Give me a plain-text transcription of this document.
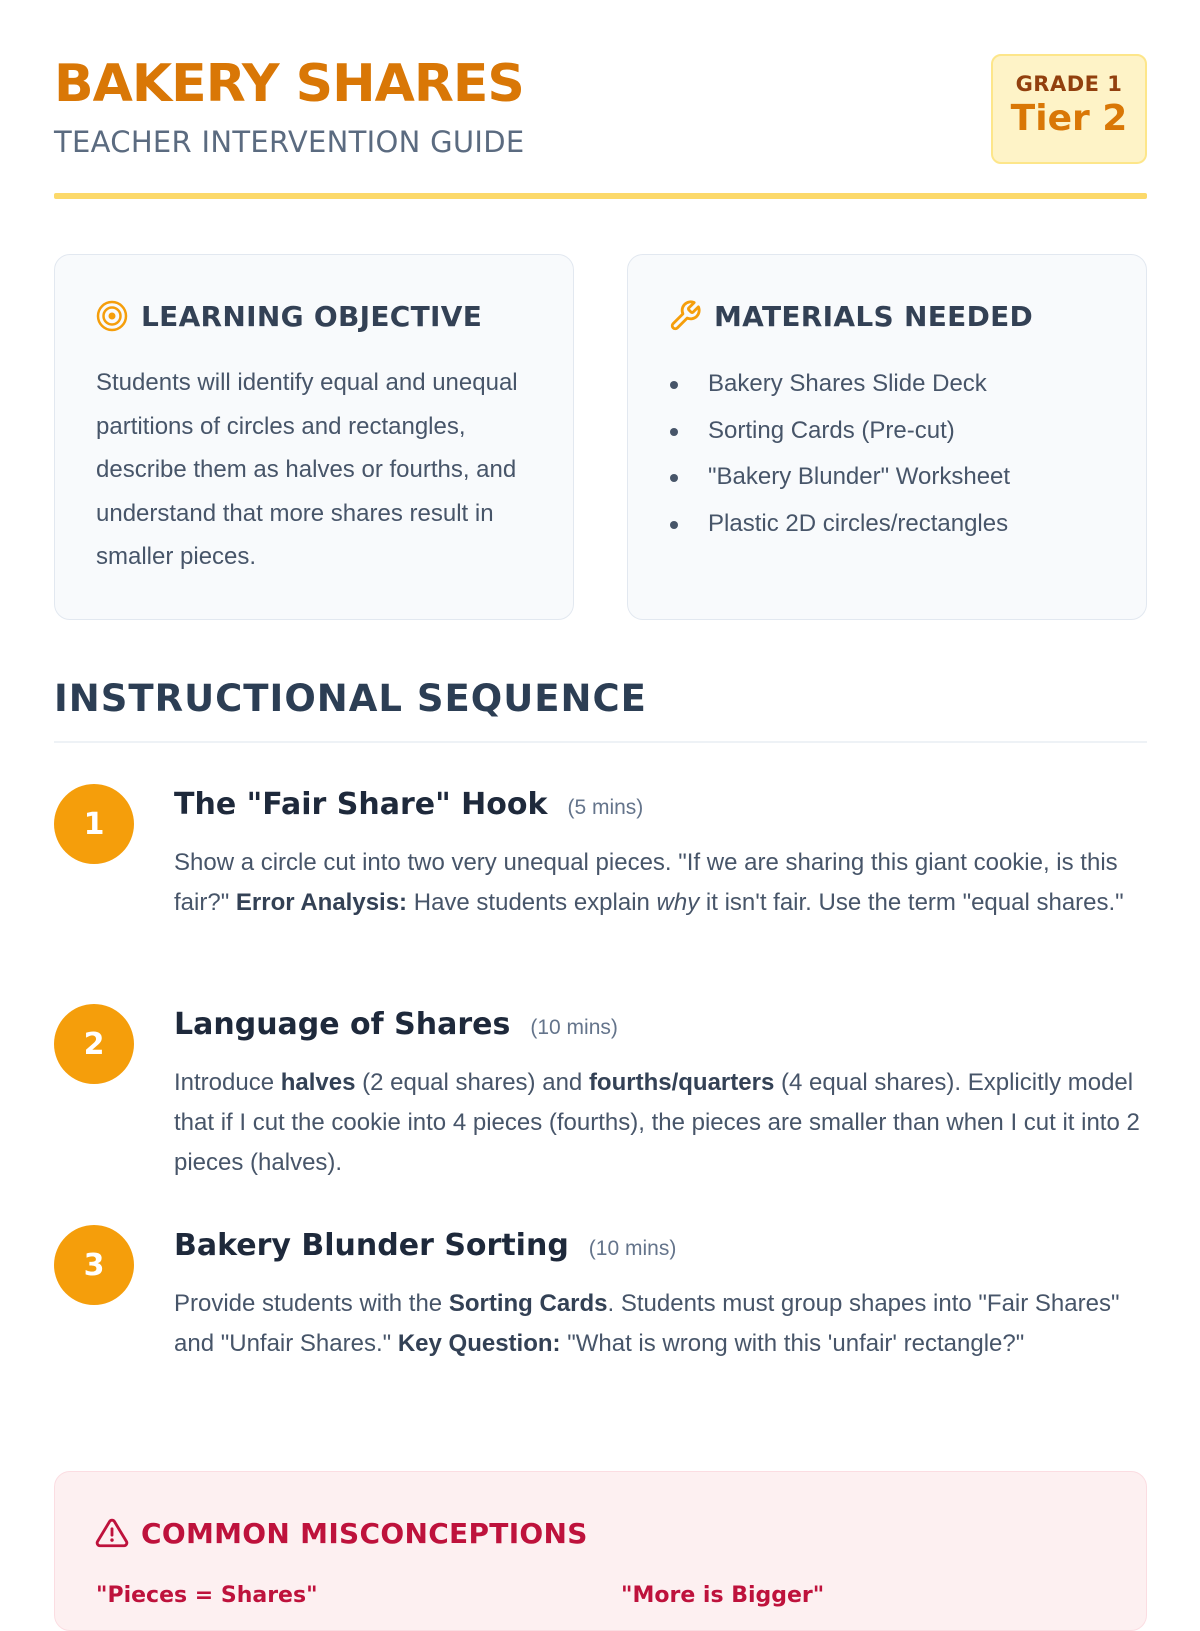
BAKERY SHARES
TEACHER INTERVENTION GUIDE
GRADE 1
Tier 2
LEARNING OBJECTIVE
Students will identify equal and unequal partitions of circles and rectangles, describe them as halves or fourths, and understand that more shares result in smaller pieces.
MATERIALS NEEDED
Bakery Shares Slide Deck
Sorting Cards (Pre-cut)
"Bakery Blunder" Worksheet
Plastic 2D circles/rectangles
INSTRUCTIONAL SEQUENCE
1
The "Fair Share" Hook (5 mins)
Show a circle cut into two very unequal pieces. "If we are sharing this giant cookie, is this fair?" Error Analysis: Have students explain why it isn't fair. Use the term "equal shares."
2
Language of Shares (10 mins)
Introduce halves (2 equal shares) and fourths/quarters (4 equal shares). Explicitly model that if I cut the cookie into 4 pieces (fourths), the pieces are smaller than when I cut it into 2 pieces (halves).
3
Bakery Blunder Sorting (10 mins)
Provide students with the Sorting Cards. Students must group shapes into "Fair Shares" and "Unfair Shares." Key Question: "What is wrong with this 'unfair' rectangle?"
COMMON MISCONCEPTIONS
"Pieces = Shares"	"More is Bigger"
